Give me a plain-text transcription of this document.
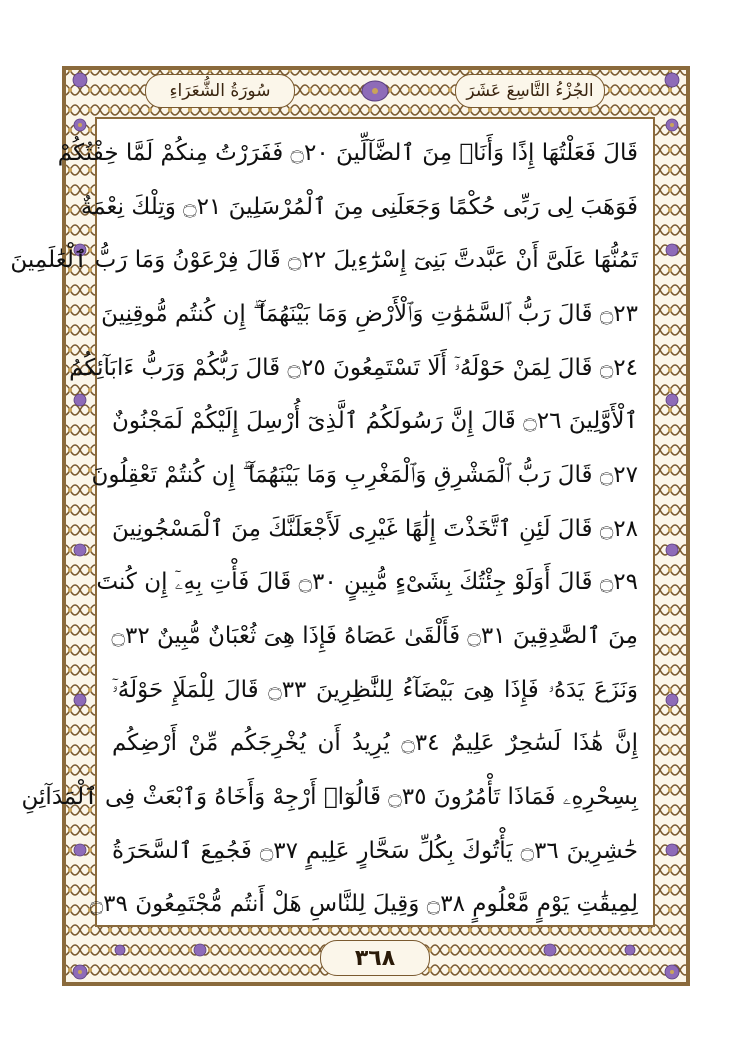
الجُزْءُ التَّاسِعَ عَشَرَ
سُورَةُ الشُّعَرَاءِ
قَالَ فَعَلْتُهَا إِذًا وَأَنَا۠ مِنَ ٱلضَّآلِّينَ ۝٢٠ فَفَرَرْتُ مِنكُمْ لَمَّا خِفْتُكُمْ
فَوَهَبَ لِى رَبِّى حُكْمًا وَجَعَلَنِى مِنَ ٱلْمُرْسَلِينَ ۝٢١ وَتِلْكَ نِعْمَةٌ
تَمُنُّهَا عَلَىَّ أَنْ عَبَّدتَّ بَنِىٓ إِسْرَٰٓءِيلَ ۝٢٢ قَالَ فِرْعَوْنُ وَمَا رَبُّ ٱلْعَٰلَمِينَ
۝٢٣ قَالَ رَبُّ ٱلسَّمَٰوَٰتِ وَٱلْأَرْضِ وَمَا بَيْنَهُمَآ ۖ إِن كُنتُم مُّوقِنِينَ
۝٢٤ قَالَ لِمَنْ حَوْلَهُۥٓ أَلَا تَسْتَمِعُونَ ۝٢٥ قَالَ رَبُّكُمْ وَرَبُّ ءَابَآئِكُمُ
ٱلْأَوَّلِينَ ۝٢٦ قَالَ إِنَّ رَسُولَكُمُ ٱلَّذِىٓ أُرْسِلَ إِلَيْكُمْ لَمَجْنُونٌ
۝٢٧ قَالَ رَبُّ ٱلْمَشْرِقِ وَٱلْمَغْرِبِ وَمَا بَيْنَهُمَآ ۖ إِن كُنتُمْ تَعْقِلُونَ
۝٢٨ قَالَ لَئِنِ ٱتَّخَذْتَ إِلَٰهًا غَيْرِى لَأَجْعَلَنَّكَ مِنَ ٱلْمَسْجُونِينَ
۝٢٩ قَالَ أَوَلَوْ جِئْتُكَ بِشَىْءٍ مُّبِينٍ ۝٣٠ قَالَ فَأْتِ بِهِۦٓ إِن كُنتَ
مِنَ ٱلصَّٰدِقِينَ ۝٣١ فَأَلْقَىٰ عَصَاهُ فَإِذَا هِىَ ثُعْبَانٌ مُّبِينٌ ۝٣٢
وَنَزَعَ يَدَهُۥ فَإِذَا هِىَ بَيْضَآءُ لِلنَّٰظِرِينَ ۝٣٣ قَالَ لِلْمَلَإِ حَوْلَهُۥٓ
إِنَّ هَٰذَا لَسَٰحِرٌ عَلِيمٌ ۝٣٤ يُرِيدُ أَن يُخْرِجَكُم مِّنْ أَرْضِكُم
بِسِحْرِهِۦ فَمَاذَا تَأْمُرُونَ ۝٣٥ قَالُوٓا۟ أَرْجِهْ وَأَخَاهُ وَٱبْعَثْ فِى ٱلْمَدَآئِنِ
حَٰشِرِينَ ۝٣٦ يَأْتُوكَ بِكُلِّ سَحَّارٍ عَلِيمٍ ۝٣٧ فَجُمِعَ ٱلسَّحَرَةُ
لِمِيقَٰتِ يَوْمٍ مَّعْلُومٍ ۝٣٨ وَقِيلَ لِلنَّاسِ هَلْ أَنتُم مُّجْتَمِعُونَ ۝٣٩
٣٦٨
